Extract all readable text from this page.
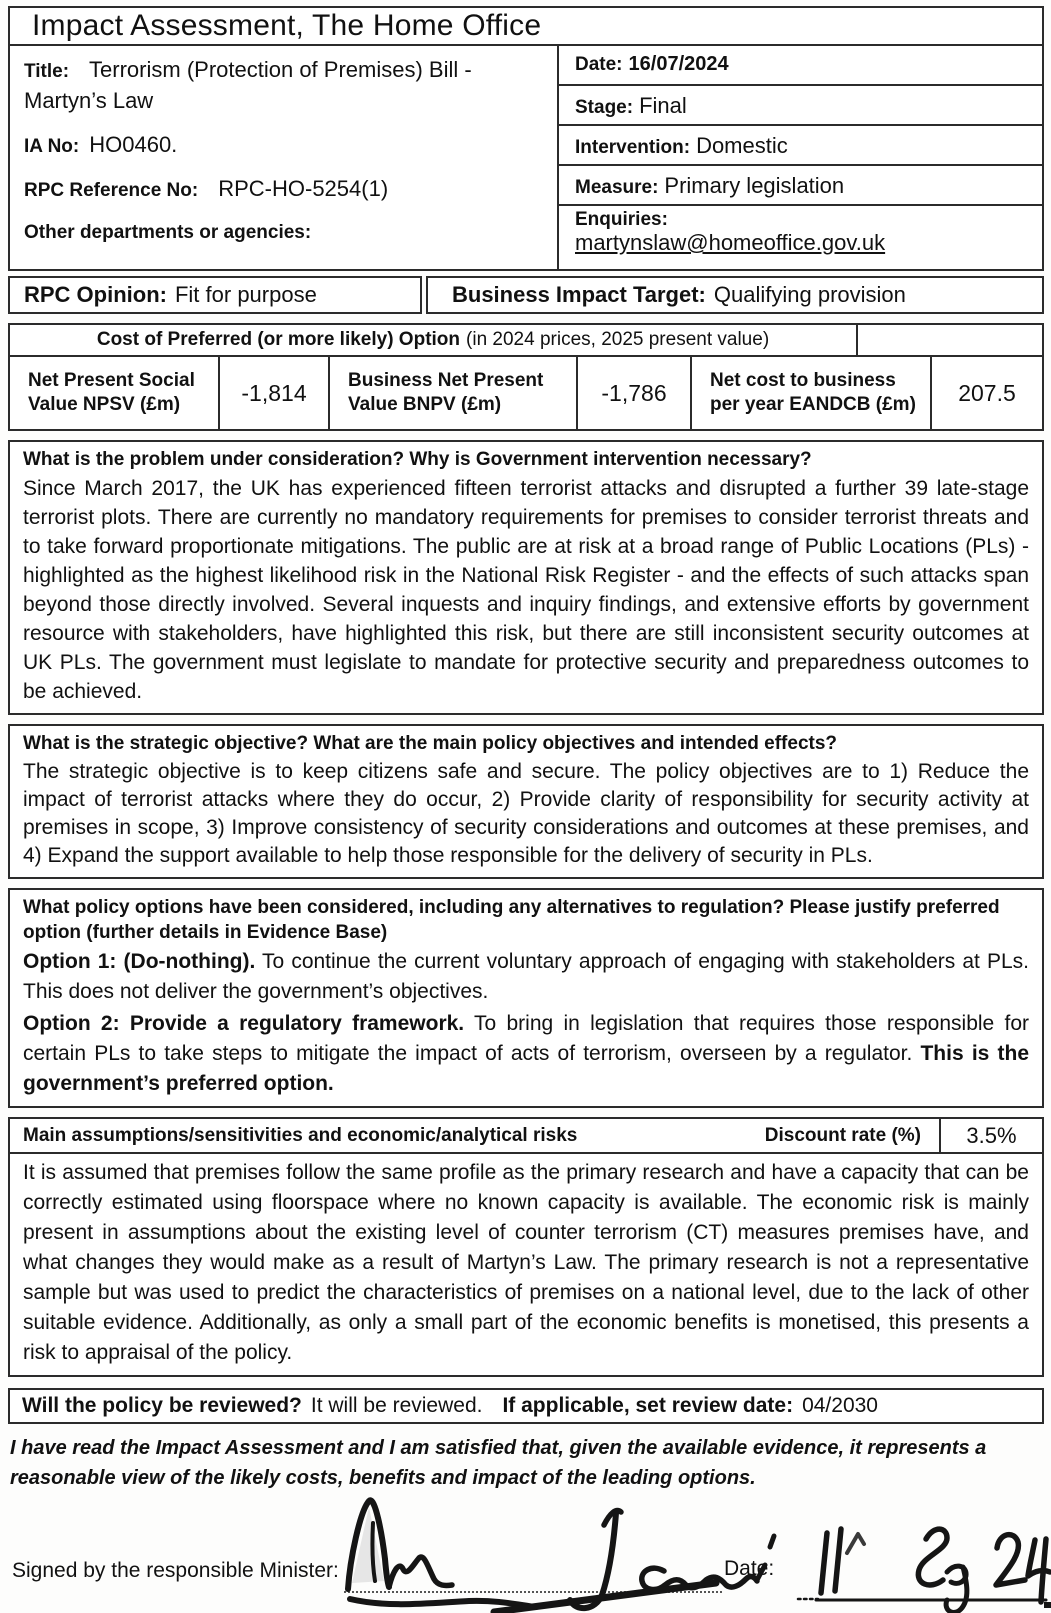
Impact Assessment, The Home Office
Title: Terrorism (Protection of Premises) Bill - Martyn’s Law
IA No: HO0460.
RPC Reference No: RPC-HO-5254(1)
Other departments or agencies:
Date: 16/07/2024
Stage: Final
Intervention: Domestic
Measure: Primary legislation
Enquiries:
martynslaw@homeoffice.gov.uk
RPC Opinion: Fit for purpose	Business Impact Target: Qualifying provision
Cost of Preferred (or more likely) Option (in 2024 prices, 2025 present value)
Net Present Social Value NPSV (£m)	-1,814	Business Net Present Value BNPV (£m)	-1,786	Net cost to business per year EANDCB (£m)	207.5
What is the problem under consideration? Why is Government intervention necessary?

Since March 2017, the UK has experienced fifteen terrorist attacks and disrupted a further 39 late-stage terrorist plots. There are currently no mandatory requirements for premises to consider terrorist threats and to take forward proportionate mitigations. The public are at risk at a broad range of Public Locations (PLs) - highlighted as the highest likelihood risk in the National Risk Register - and the effects of such attacks span beyond those directly involved. Several inquests and inquiry findings, and extensive efforts by government resource with stakeholders, have highlighted this risk, but there are still inconsistent security outcomes at UK PLs. The government must legislate to mandate for protective security and preparedness outcomes to be achieved.

What is the strategic objective? What are the main policy objectives and intended effects?

The strategic objective is to keep citizens safe and secure. The policy objectives are to 1) Reduce the impact of terrorist attacks where they do occur, 2) Provide clarity of responsibility for security activity at premises in scope, 3) Improve consistency of security considerations and outcomes at these premises, and 4) Expand the support available to help those responsible for the delivery of security in PLs.

What policy options have been considered, including any alternatives to regulation? Please justify preferred option (further details in Evidence Base)

Option 1: (Do-nothing). To continue the current voluntary approach of engaging with stakeholders at PLs. This does not deliver the government’s objectives.

Option 2: Provide a regulatory framework. To bring in legislation that requires those responsible for certain PLs to take steps to mitigate the impact of acts of terrorism, overseen by a regulator. This is the government’s preferred option.

Main assumptions/sensitivities and economic/analytical risks	Discount rate (%)	3.5%

It is assumed that premises follow the same profile as the primary research and have a capacity that can be correctly estimated using floorspace where no known capacity is available. The economic risk is mainly present in assumptions about the existing level of counter terrorism (CT) measures premises have, and what changes they would make as a result of Martyn’s Law. The primary research is not a representative sample but was used to predict the characteristics of premises on a national level, due to the lack of other suitable evidence. Additionally, as only a small part of the economic benefits is monetised, this presents a risk to appraisal of the policy.

Will the policy be reviewed? It will be reviewed. If applicable, set review date: 04/2030
I have read the Impact Assessment and I am satisfied that, given the available evidence, it represents a reasonable view of the likely costs, benefits and impact of the leading options.
Signed by the responsible Minister:	Date:
